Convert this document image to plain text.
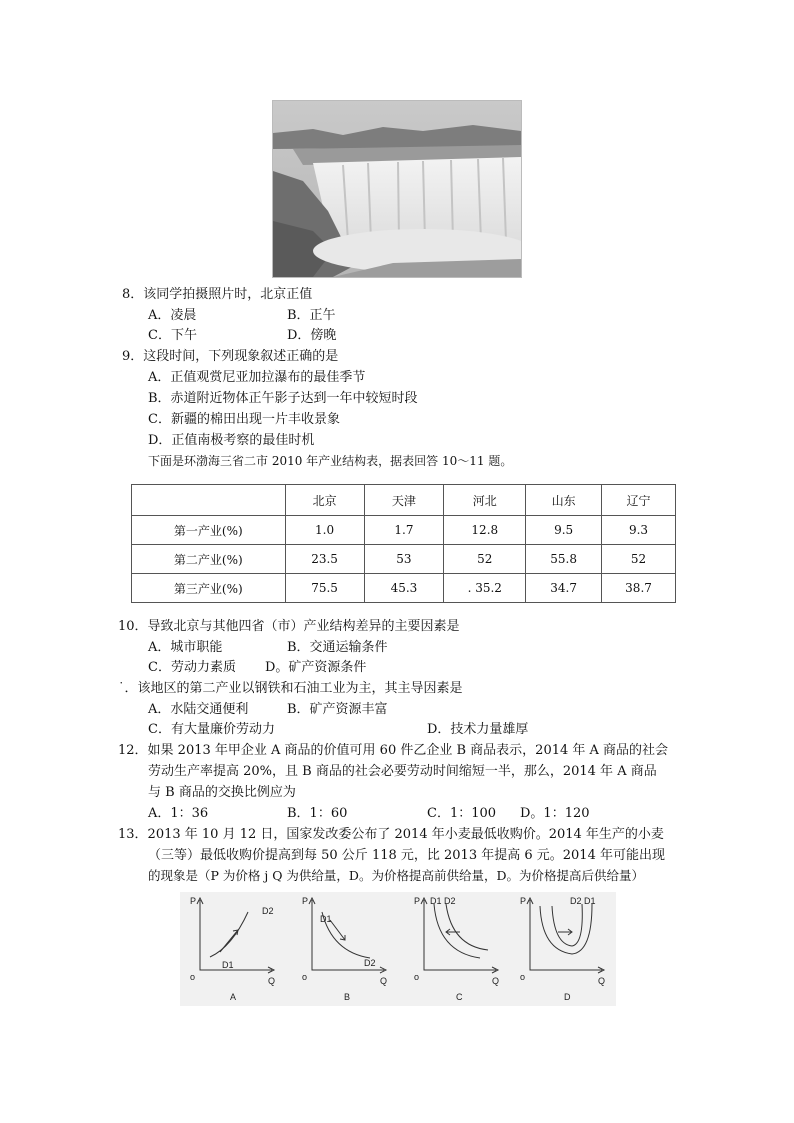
8．该同学拍摄照片时，北京正值
A．凌晨	B．正午
C．下午	D．傍晚
9．这段时间，下列现象叙述正确的是
A．正值观赏尼亚加拉瀑布的最佳季节
B．赤道附近物体正午影子达到一年中较短时段
C．新疆的棉田出现一片丰收景象
D．正值南极考察的最佳时机
下面是环渤海三省二市 2010 年产业结构表，据表回答 10～11 题。
	北京	天津	河北	山东	辽宁
第一产业(%)	1.0	1.7	12.8	9.5	9.3
第二产业(%)	23.5	53	52	55.8	52
第三产业(%)	75.5	45.3	. 35.2	34.7	38.7
10．导致北京与其他四省（市）产业结构差异的主要因素是
A．城市职能	B．交通运输条件
C．劳动力素质 D。矿产资源条件
˙．该地区的第二产业以钢铁和石油工业为主，其主导因素是
A．水陆交通便利	B．矿产资源丰富
C．有大量廉价劳动力	D．技术力量雄厚
12．如果 2013 年甲企业 A 商品的价值可用 60 件乙企业 B 商品表示，2014 年 A 商品的社会
劳动生产率提高 20%，且 B 商品的社会必要劳动时间缩短一半，那么，2014 年 A 商品
与 B 商品的交换比例应为
A．1：36	B．1：60	C．1：100 D。1：120
13．2013 年 10 月 12 日，国家发改委公布了 2014 年小麦最低收购价。2014 年生产的小麦
（三等）最低收购价提高到每 50 公斤 118 元，比 2013 年提高 6 元。2014 年可能出现
的现象是（P 为价格 j Q 为供给量，D。为价格提高前供给量，D。为价格提高后供给量）
P
Q
o
D2
D1
A
P
Q
o
D1
D2
B
P
Q
o
D1 D2
C
P
Q
o
D2 D1
D
